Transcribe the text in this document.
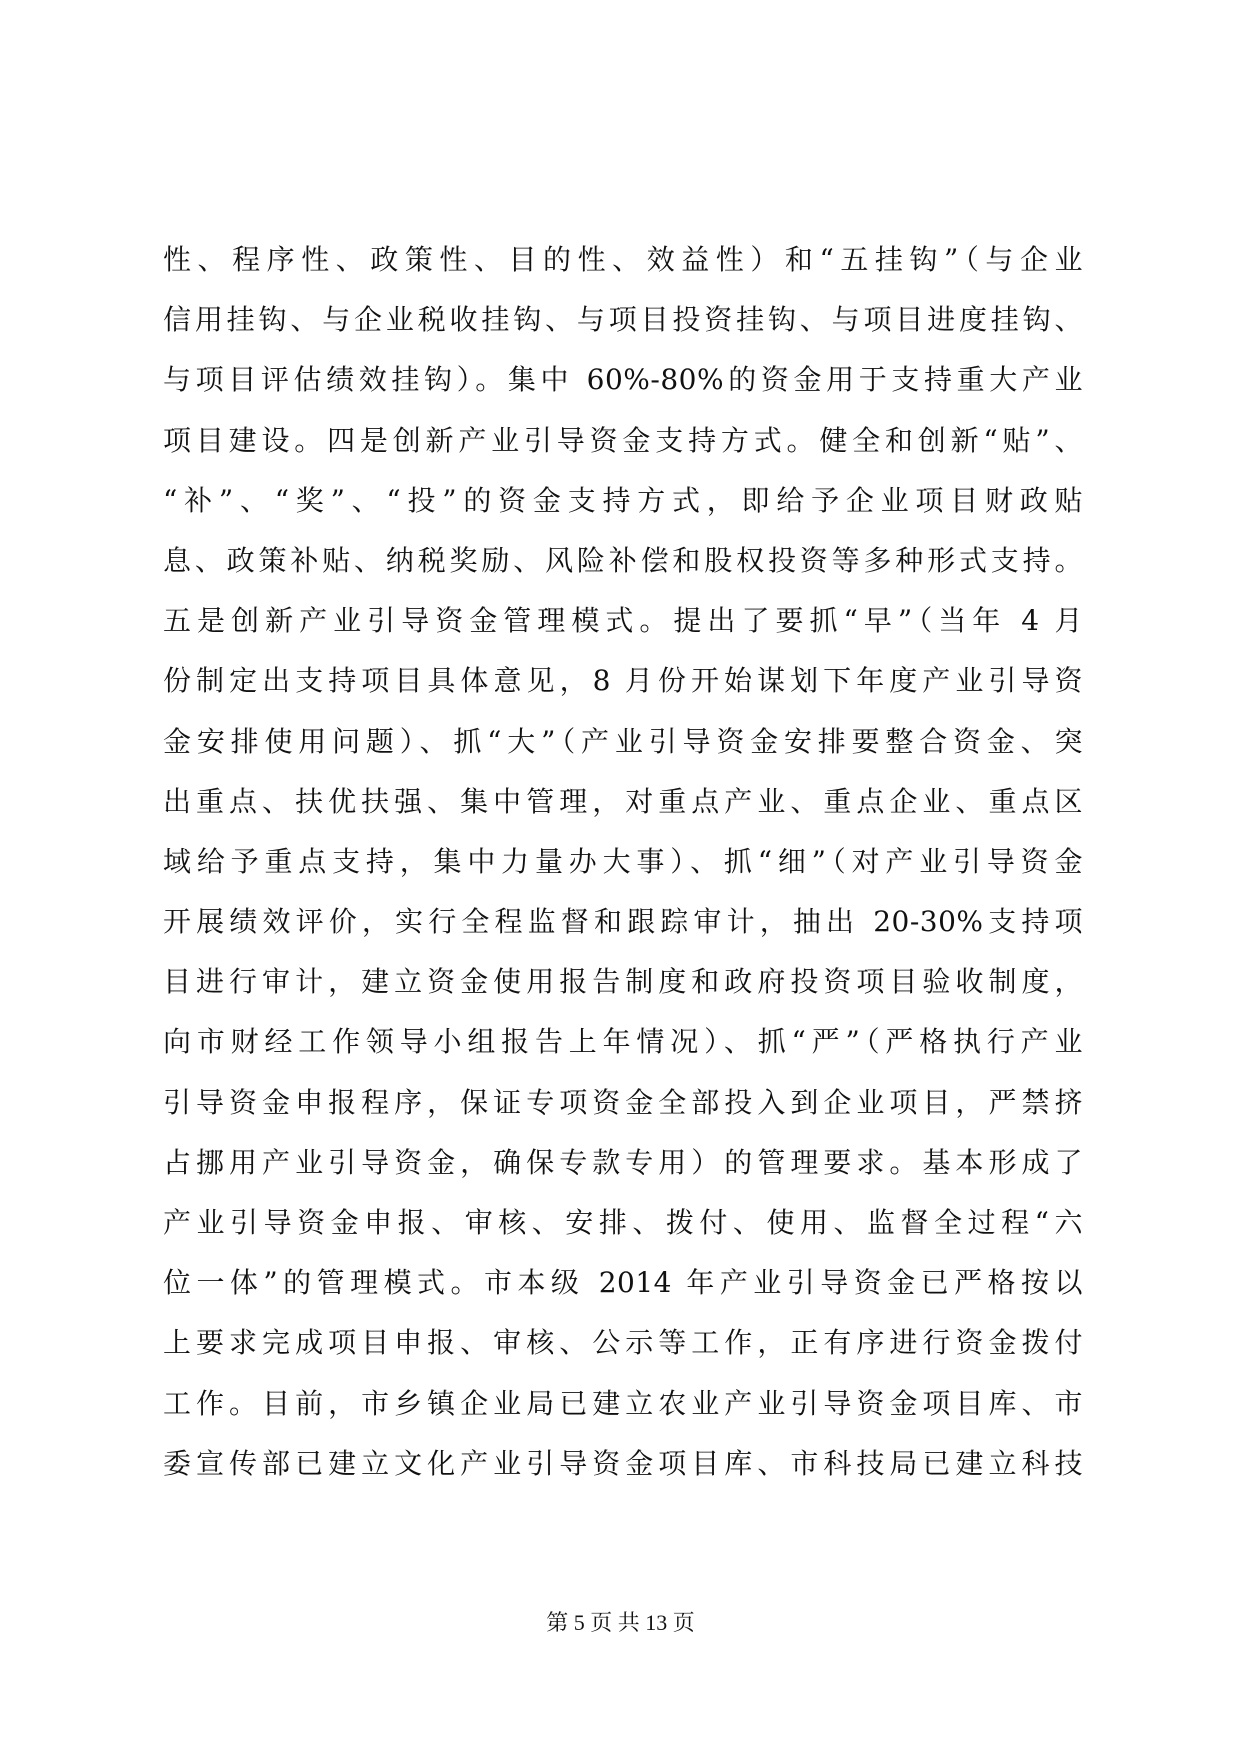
性、程序性、政策性、目的性、效益性）和“五挂钩”（与企业
信用挂钩、与企业税收挂钩、与项目投资挂钩、与项目进度挂钩、
与项目评估绩效挂钩）。集中 60%-80%的资金用于支持重大产业
项目建设。四是创新产业引导资金支持方式。健全和创新“贴”、
“补”、“奖”、“投”的资金支持方式，即给予企业项目财政贴
息、政策补贴、纳税奖励、风险补偿和股权投资等多种形式支持。
五是创新产业引导资金管理模式。提出了要抓“早”（当年 4 月
份制定出支持项目具体意见，8 月份开始谋划下年度产业引导资
金安排使用问题）、抓“大”（产业引导资金安排要整合资金、突
出重点、扶优扶强、集中管理，对重点产业、重点企业、重点区
域给予重点支持，集中力量办大事）、抓“细”（对产业引导资金
开展绩效评价，实行全程监督和跟踪审计，抽出 20-30%支持项
目进行审计，建立资金使用报告制度和政府投资项目验收制度，
向市财经工作领导小组报告上年情况）、抓“严”（严格执行产业
引导资金申报程序，保证专项资金全部投入到企业项目，严禁挤
占挪用产业引导资金，确保专款专用）的管理要求。基本形成了
产业引导资金申报、审核、安排、拨付、使用、监督全过程“六
位一体”的管理模式。市本级 2014 年产业引导资金已严格按以
上要求完成项目申报、审核、公示等工作，正有序进行资金拨付
工作。目前，市乡镇企业局已建立农业产业引导资金项目库、市
委宣传部已建立文化产业引导资金项目库、市科技局已建立科技
第 5 页 共 13 页
